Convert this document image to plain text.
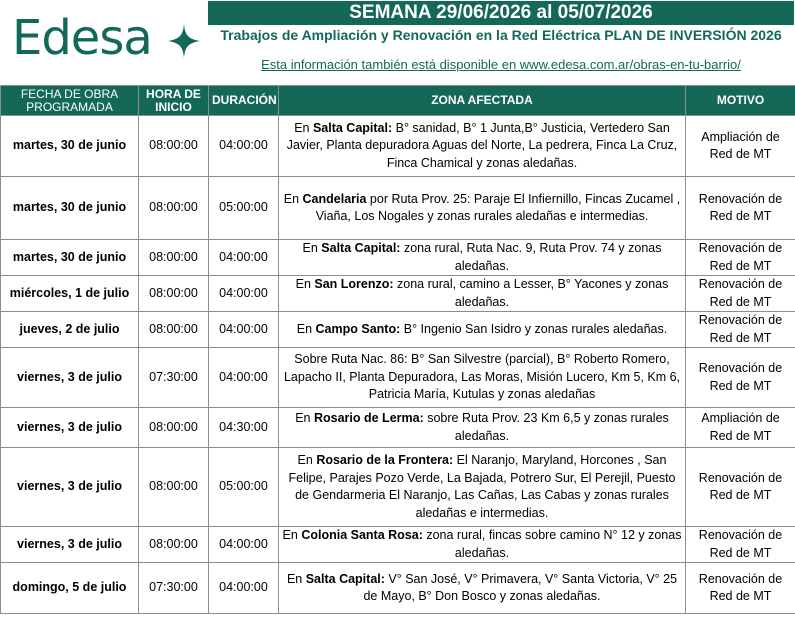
Edesa	SEMANA 29/06/2026 al 05/07/2026
Trabajos de Ampliación y Renovación en la Red Eléctrica PLAN DE INVERSIÓN 2026
Esta información también está disponible en www.edesa.com.ar/obras-en-tu-barrio/
FECHA DE OBRA PROGRAMADA	HORA DE INICIO	DURACIÓN	ZONA AFECTADA	MOTIVO
martes, 30 de junio	08:00:00	04:00:00	En Salta Capital: B° sanidad, B° 1 Junta,B° Justicia, Vertedero San Javier, Planta depuradora Aguas del Norte, La pedrera, Finca La Cruz, Finca Chamical y zonas aledañas.	Ampliación de Red de MT
martes, 30 de junio	08:00:00	05:00:00	En Candelaria por Ruta Prov. 25: Paraje El Infiernillo, Fincas Zucamel , Viaña, Los Nogales y zonas rurales aledañas e intermedias.	Renovación de Red de MT
martes, 30 de junio	08:00:00	04:00:00	En Salta Capital: zona rural, Ruta Nac. 9, Ruta Prov. 74 y zonas aledañas.	Renovación de Red de MT
miércoles, 1 de julio	08:00:00	04:00:00	En San Lorenzo: zona rural, camino a Lesser, B° Yacones y zonas aledañas.	Renovación de Red de MT
jueves, 2 de julio	08:00:00	04:00:00	En Campo Santo: B° Ingenio San Isidro y zonas rurales aledañas.	Renovación de Red de MT
viernes, 3 de julio	07:30:00	04:00:00	Sobre Ruta Nac. 86: B° San Silvestre (parcial), B° Roberto Romero, Lapacho II, Planta Depuradora, Las Moras, Misión Lucero, Km 5, Km 6, Patricia María, Kutulas y zonas aledañas	Renovación de Red de MT
viernes, 3 de julio	08:00:00	04:30:00	En Rosario de Lerma: sobre Ruta Prov. 23 Km 6,5 y zonas rurales aledañas.	Ampliación de Red de MT
viernes, 3 de julio	08:00:00	05:00:00	En Rosario de la Frontera: El Naranjo, Maryland, Horcones , San Felipe, Parajes Pozo Verde, La Bajada, Potrero Sur, El Perejil, Puesto de Gendarmeria El Naranjo, Las Cañas, Las Cabas y zonas rurales aledañas e intermedias.	Renovación de Red de MT
viernes, 3 de julio	08:00:00	04:00:00	En Colonia Santa Rosa: zona rural, fincas sobre camino N° 12 y zonas aledañas.	Renovación de Red de MT
domingo, 5 de julio	07:30:00	04:00:00	En Salta Capital: V° San José, V° Primavera, V° Santa Victoria, V° 25 de Mayo, B° Don Bosco y zonas aledañas.	Renovación de Red de MT
